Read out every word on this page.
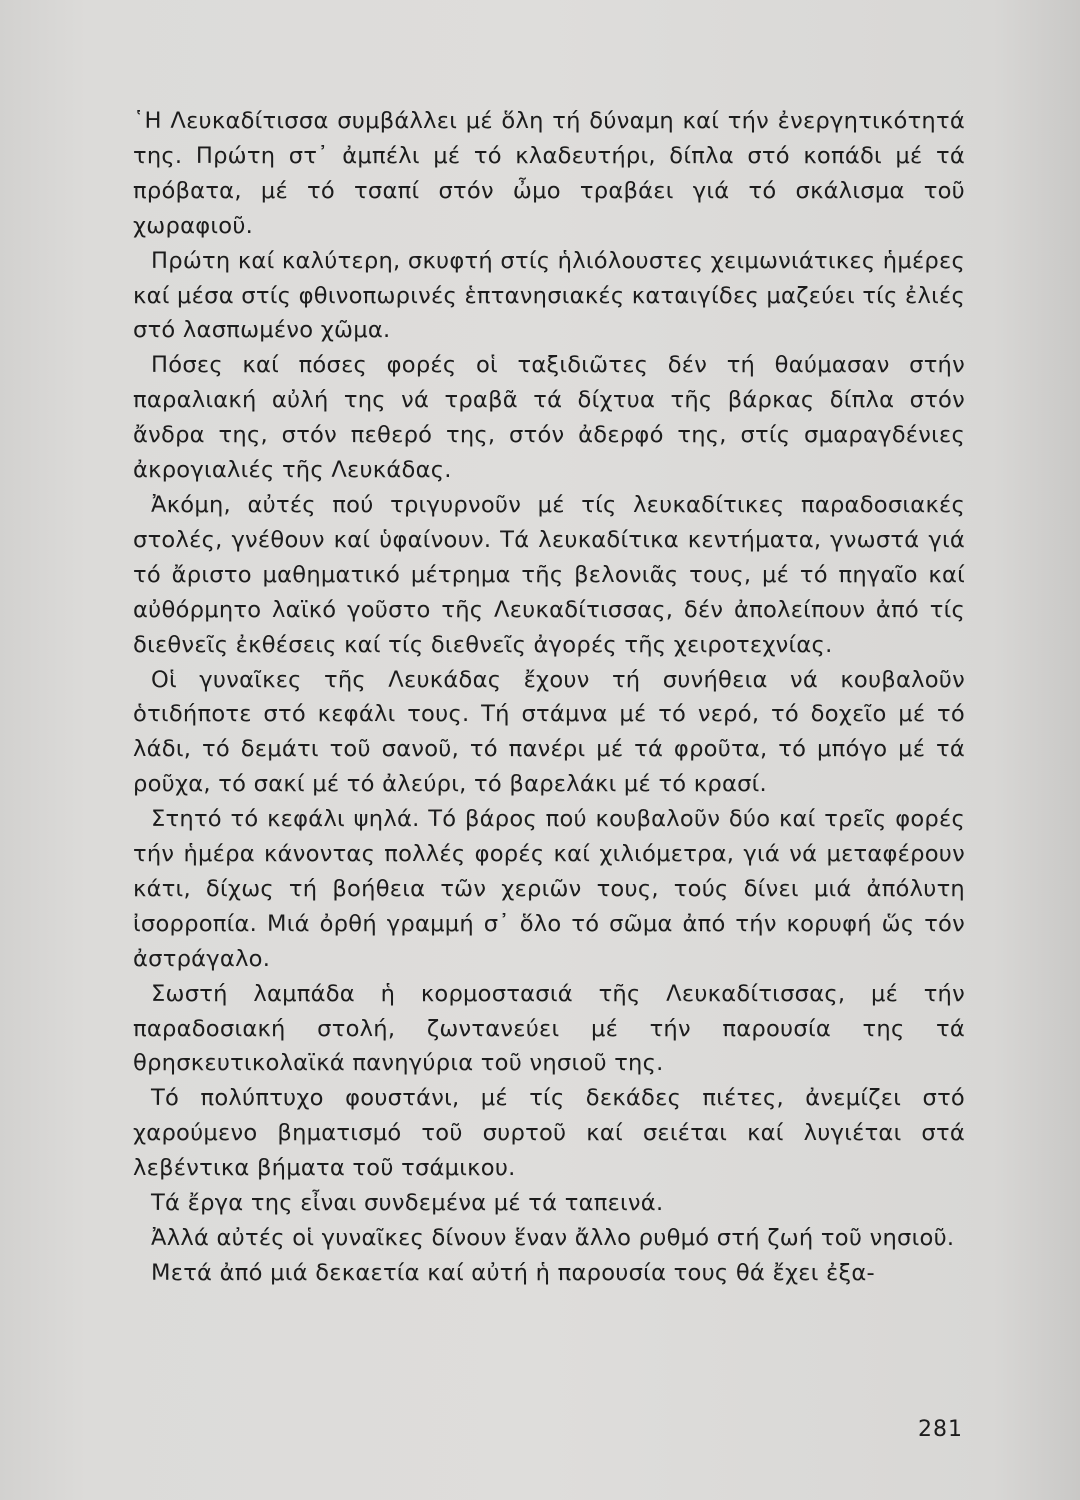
῾Η Λευκαδίτισσα συμβάλλει μέ ὅλη τή δύναμη καί τήν ἐνεργητικότητά της. Πρώτη στ᾿ ἀμπέλι μέ τό κλαδευτήρι, δίπλα στό κοπάδι μέ τά πρόβατα, μέ τό τσαπί στόν ὦμο τραβάει γιά τό σκάλισμα τοῦ χωραφιοῦ.

Πρώτη καί καλύτερη, σκυφτή στίς ἡλιόλουστες χειμωνιάτικες ἡμέρες καί μέσα στίς φθινοπωρινές ἑπτανησιακές καταιγίδες μαζεύει τίς ἐλιές στό λασπωμένο χῶμα.

Πόσες καί πόσες φορές οἱ ταξιδιῶτες δέν τή θαύμασαν στήν παραλιακή αὐλή της νά τραβᾶ τά δίχτυα τῆς βάρκας δίπλα στόν ἄνδρα της, στόν πεθερό της, στόν ἀδερφό της, στίς σμαραγδένιες ἀκρογιαλιές τῆς Λευκάδας.

Ἀκόμη, αὐτές πού τριγυρνοῦν μέ τίς λευκαδίτικες παραδοσιακές στολές, γνέθουν καί ὑφαίνουν. Τά λευκαδίτικα κεντήματα, γνωστά γιά τό ἄριστο μαθηματικό μέτρημα τῆς βελονιᾶς τους, μέ τό πηγαῖο καί αὐθόρμητο λαϊκό γοῦστο τῆς Λευκαδίτισσας, δέν ἀπολείπουν ἀπό τίς διεθνεῖς ἐκθέσεις καί τίς διεθνεῖς ἀγορές τῆς χειροτεχνίας.

Οἱ γυναῖκες τῆς Λευκάδας ἔχουν τή συνήθεια νά κουβαλοῦν ὁτιδήποτε στό κεφάλι τους. Τή στάμνα μέ τό νερό, τό δοχεῖο μέ τό λάδι, τό δεμάτι τοῦ σανοῦ, τό πανέρι μέ τά φροῦτα, τό μπόγο μέ τά ροῦχα, τό σακί μέ τό ἀλεύρι, τό βαρελάκι μέ τό κρασί.

Στητό τό κεφάλι ψηλά. Τό βάρος πού κουβαλοῦν δύο καί τρεῖς φορές τήν ἡμέρα κάνοντας πολλές φορές καί χιλιόμετρα, γιά νά μεταφέρουν κάτι, δίχως τή βοήθεια τῶν χεριῶν τους, τούς δίνει μιά ἀπόλυτη ἰσορροπία. Μιά ὀρθή γραμμή σ᾿ ὅλο τό σῶμα ἀπό τήν κορυφή ὥς τόν ἀστράγαλο.

Σωστή λαμπάδα ἡ κορμοστασιά τῆς Λευκαδίτισσας, μέ τήν παραδοσιακή στολή, ζωντανεύει μέ τήν παρουσία της τά θρησκευτικολαϊκά πανηγύρια τοῦ νησιοῦ της.

Τό πολύπτυχο φουστάνι, μέ τίς δεκάδες πιέτες, ἀνεμίζει στό χαρούμενο βηματισμό τοῦ συρτοῦ καί σειέται καί λυγιέται στά λεβέντικα βήματα τοῦ τσάμικου.

Τά ἔργα της εἶναι συνδεμένα μέ τά ταπεινά.

Ἀλλά αὐτές οἱ γυναῖκες δίνουν ἕναν ἄλλο ρυθμό στή ζωή τοῦ νησιοῦ.

Μετά ἀπό μιά δεκαετία καί αὐτή ἡ παρουσία τους θά ἔχει ἐξα-

281
